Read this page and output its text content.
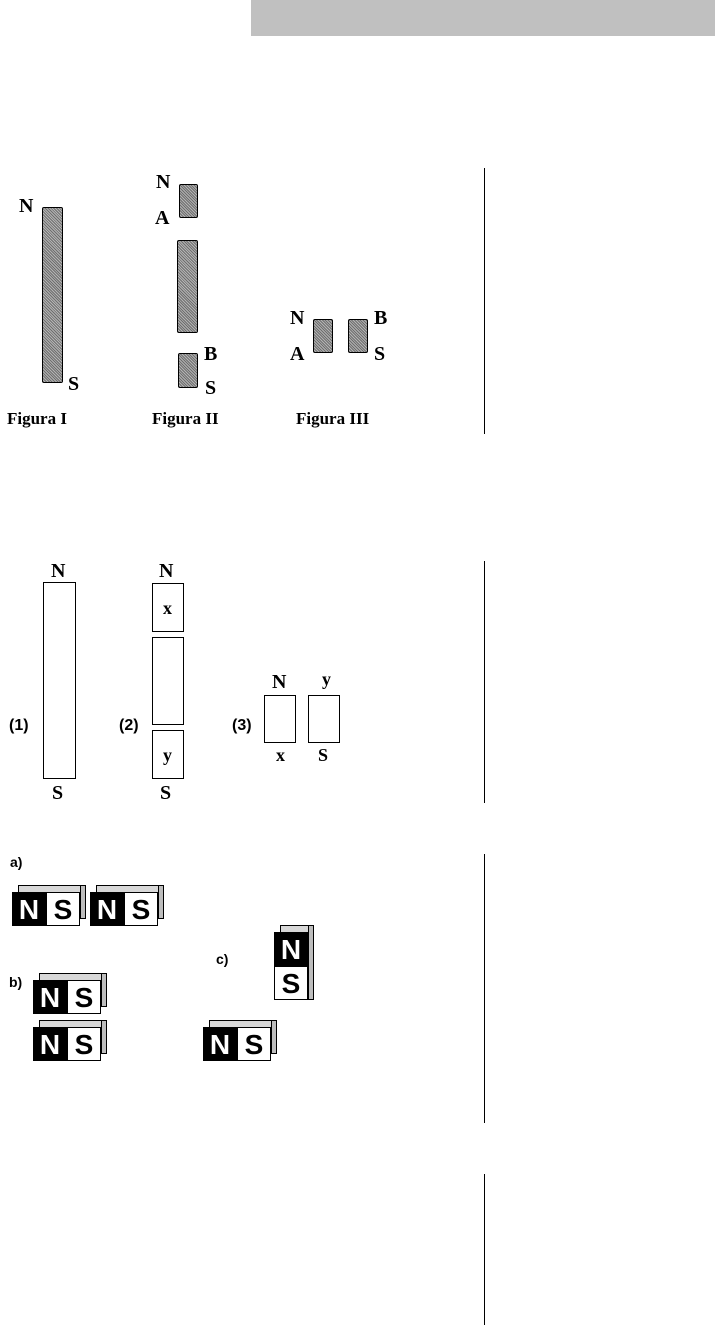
N
S
Figura I
N
A
B
S
Figura II
N
A
B
S
Figura III
N
S
(1)
N
x
y
S
(2)
N y
x S
(3)
a)
N S N S
b) N S
N S
c) N
S
N S
